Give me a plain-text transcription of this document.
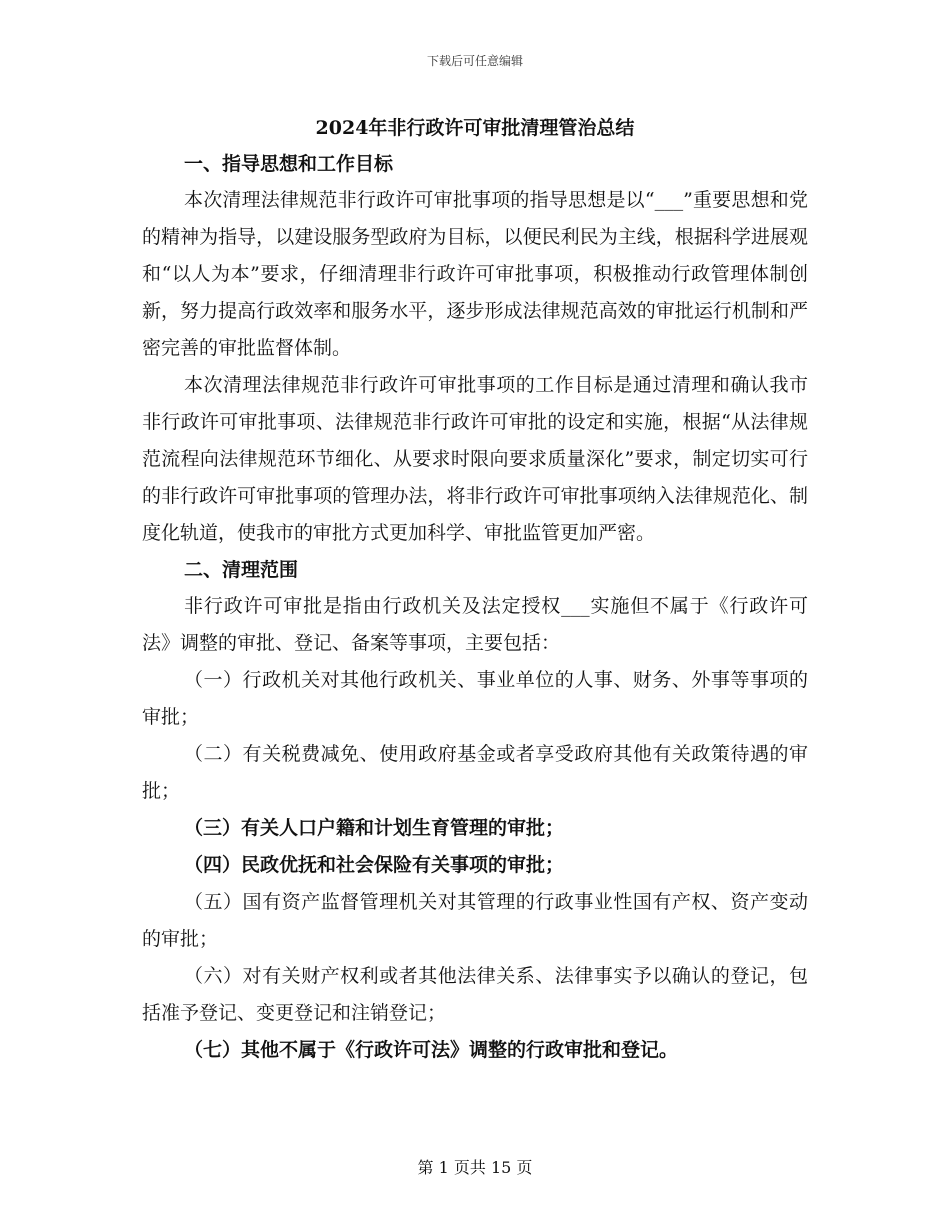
下载后可任意编辑
2024年非行政许可审批清理管治总结
一、指导思想和工作目标

本次清理法律规范非行政许可审批事项的指导思想是以“___”重要思想和党的精神为指导，以建设服务型政府为目标，以便民利民为主线，根据科学进展观和“以人为本”要求，仔细清理非行政许可审批事项，积极推动行政管理体制创新，努力提高行政效率和服务水平，逐步形成法律规范高效的审批运行机制和严密完善的审批监督体制。

本次清理法律规范非行政许可审批事项的工作目标是通过清理和确认我市非行政许可审批事项、法律规范非行政许可审批的设定和实施，根据“从法律规范流程向法律规范环节细化、从要求时限向要求质量深化”要求，制定切实可行的非行政许可审批事项的管理办法，将非行政许可审批事项纳入法律规范化、制度化轨道，使我市的审批方式更加科学、审批监管更加严密。

二、清理范围

非行政许可审批是指由行政机关及法定授权___实施但不属于《行政许可法》调整的审批、登记、备案等事项，主要包括：

（一）行政机关对其他行政机关、事业单位的人事、财务、外事等事项的审批；

（二）有关税费减免、使用政府基金或者享受政府其他有关政策待遇的审批；

（三）有关人口户籍和计划生育管理的审批；

（四）民政优抚和社会保险有关事项的审批；

（五）国有资产监督管理机关对其管理的行政事业性国有产权、资产变动的审批；

（六）对有关财产权利或者其他法律关系、法律事实予以确认的登记，包括准予登记、变更登记和注销登记；

（七）其他不属于《行政许可法》调整的行政审批和登记。

第 1 页共 15 页
